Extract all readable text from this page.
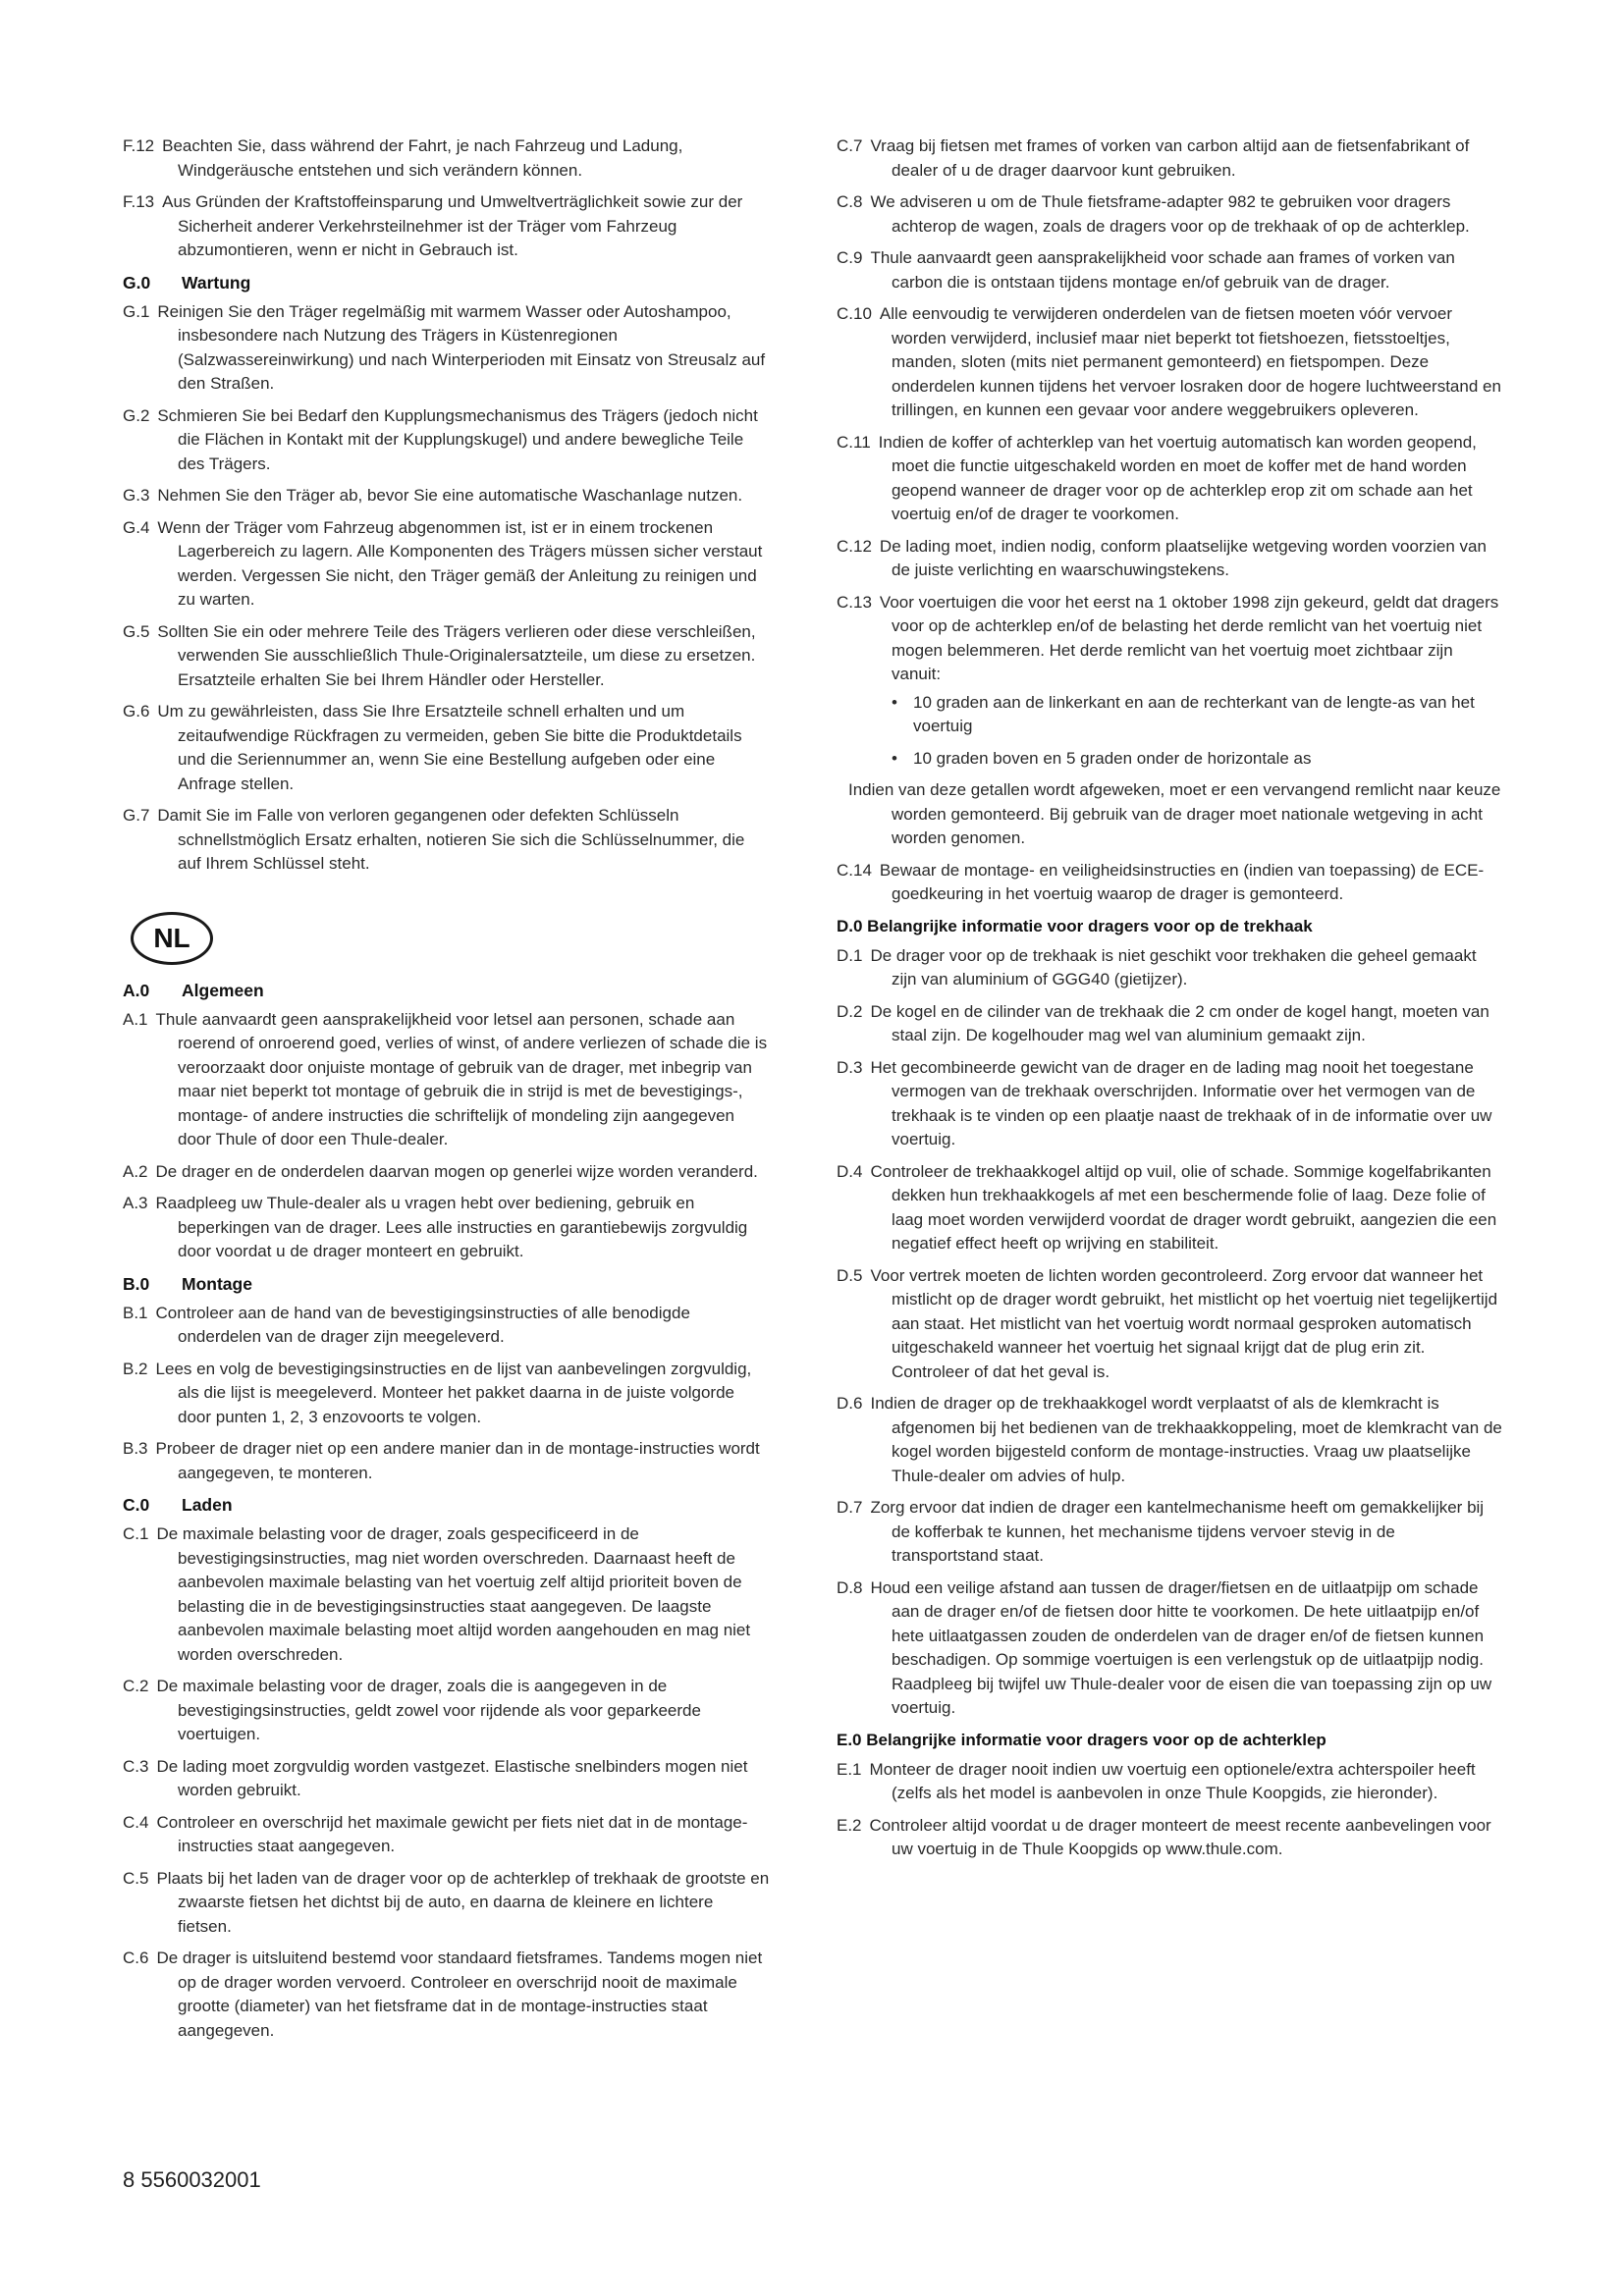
F.12 Beachten Sie, dass während der Fahrt, je nach Fahrzeug und Ladung, Windgeräusche entstehen und sich verändern können.
F.13 Aus Gründen der Kraftstoffeinsparung und Umweltverträglichkeit sowie zur der Sicherheit anderer Verkehrsteilnehmer ist der Träger vom Fahrzeug abzumontieren, wenn er nicht in Gebrauch ist.
G.0 Wartung
G.1 Reinigen Sie den Träger regelmäßig mit warmem Wasser oder Autoshampoo, insbesondere nach Nutzung des Trägers in Küstenregionen (Salzwassereinwirkung) und nach Winterperioden mit Einsatz von Streusalz auf den Straßen.
G.2 Schmieren Sie bei Bedarf den Kupplungsmechanismus des Trägers (jedoch nicht die Flächen in Kontakt mit der Kupplungskugel) und andere bewegliche Teile des Trägers.
G.3 Nehmen Sie den Träger ab, bevor Sie eine automatische Waschanlage nutzen.
G.4 Wenn der Träger vom Fahrzeug abgenommen ist, ist er in einem trockenen Lagerbereich zu lagern. Alle Komponenten des Trägers müssen sicher verstaut werden. Vergessen Sie nicht, den Träger gemäß der Anleitung zu reinigen und zu warten.
G.5 Sollten Sie ein oder mehrere Teile des Trägers verlieren oder diese verschleißen, verwenden Sie ausschließlich Thule-Originalersatzteile, um diese zu ersetzen. Ersatzteile erhalten Sie bei Ihrem Händler oder Hersteller.
G.6 Um zu gewährleisten, dass Sie Ihre Ersatzteile schnell erhalten und um zeitaufwendige Rückfragen zu vermeiden, geben Sie bitte die Produktdetails und die Seriennummer an, wenn Sie eine Bestellung aufgeben oder eine Anfrage stellen.
G.7 Damit Sie im Falle von verloren gegangenen oder defekten Schlüsseln schnellstmöglich Ersatz erhalten, notieren Sie sich die Schlüsselnummer, die auf Ihrem Schlüssel steht.
NL
A.0 Algemeen
A.1 Thule aanvaardt geen aansprakelijkheid voor letsel aan personen, schade aan roerend of onroerend goed, verlies of winst, of andere verliezen of schade die is veroorzaakt door onjuiste montage of gebruik van de drager, met inbegrip van maar niet beperkt tot montage of gebruik die in strijd is met de bevestigings-, montage- of andere instructies die schriftelijk of mondeling zijn aangegeven door Thule of door een Thule-dealer.
A.2 De drager en de onderdelen daarvan mogen op generlei wijze worden veranderd.
A.3 Raadpleeg uw Thule-dealer als u vragen hebt over bediening, gebruik en beperkingen van de drager. Lees alle instructies en garantiebewijs zorgvuldig door voordat u de drager monteert en gebruikt.
B.0 Montage
B.1 Controleer aan de hand van de bevestigingsinstructies of alle benodigde onderdelen van de drager zijn meegeleverd.
B.2 Lees en volg de bevestigingsinstructies en de lijst van aanbevelingen zorgvuldig, als die lijst is meegeleverd. Monteer het pakket daarna in de juiste volgorde door punten 1, 2, 3 enzovoorts te volgen.
B.3 Probeer de drager niet op een andere manier dan in de montage-instructies wordt aangegeven, te monteren.
C.0 Laden
C.1 De maximale belasting voor de drager, zoals gespecificeerd in de bevestigingsinstructies, mag niet worden overschreden. Daarnaast heeft de aanbevolen maximale belasting van het voertuig zelf altijd prioriteit boven de belasting die in de bevestigingsinstructies staat aangegeven. De laagste aanbevolen maximale belasting moet altijd worden aangehouden en mag niet worden overschreden.
C.2 De maximale belasting voor de drager, zoals die is aangegeven in de bevestigingsinstructies, geldt zowel voor rijdende als voor geparkeerde voertuigen.
C.3 De lading moet zorgvuldig worden vastgezet. Elastische snelbinders mogen niet worden gebruikt.
C.4 Controleer en overschrijd het maximale gewicht per fiets niet dat in de montage-instructies staat aangegeven.
C.5 Plaats bij het laden van de drager voor op de achterklep of trekhaak de grootste en zwaarste fietsen het dichtst bij de auto, en daarna de kleinere en lichtere fietsen.
C.6 De drager is uitsluitend bestemd voor standaard fietsframes. Tandems mogen niet op de drager worden vervoerd. Controleer en overschrijd nooit de maximale grootte (diameter) van het fietsframe dat in de montage-instructies staat aangegeven.
C.7 Vraag bij fietsen met frames of vorken van carbon altijd aan de fietsenfabrikant of dealer of u de drager daarvoor kunt gebruiken.
C.8 We adviseren u om de Thule fietsframe-adapter 982 te gebruiken voor dragers achterop de wagen, zoals de dragers voor op de trekhaak of op de achterklep.
C.9 Thule aanvaardt geen aansprakelijkheid voor schade aan frames of vorken van carbon die is ontstaan tijdens montage en/of gebruik van de drager.
C.10 Alle eenvoudig te verwijderen onderdelen van de fietsen moeten vóór vervoer worden verwijderd, inclusief maar niet beperkt tot fietshoezen, fietsstoeltjes, manden, sloten (mits niet permanent gemonteerd) en fietspompen. Deze onderdelen kunnen tijdens het vervoer losraken door de hogere luchtweerstand en trillingen, en kunnen een gevaar voor andere weggebruikers opleveren.
C.11 Indien de koffer of achterklep van het voertuig automatisch kan worden geopend, moet die functie uitgeschakeld worden en moet de koffer met de hand worden geopend wanneer de drager voor op de achterklep erop zit om schade aan het voertuig en/of de drager te voorkomen.
C.12 De lading moet, indien nodig, conform plaatselijke wetgeving worden voorzien van de juiste verlichting en waarschuwingstekens.
C.13 Voor voertuigen die voor het eerst na 1 oktober 1998 zijn gekeurd, geldt dat dragers voor op de achterklep en/of de belasting het derde remlicht van het voertuig niet mogen belemmeren. Het derde remlicht van het voertuig moet zichtbaar zijn vanuit:
• 10 graden aan de linkerkant en aan de rechterkant van de lengte-as van het voertuig
• 10 graden boven en 5 graden onder de horizontale as
Indien van deze getallen wordt afgeweken, moet er een vervangend remlicht naar keuze worden gemonteerd. Bij gebruik van de drager moet nationale wetgeving in acht worden genomen.
C.14 Bewaar de montage- en veiligheidsinstructies en (indien van toepassing) de ECE-goedkeuring in het voertuig waarop de drager is gemonteerd.
D.0 Belangrijke informatie voor dragers voor op de trekhaak
D.1 De drager voor op de trekhaak is niet geschikt voor trekhaken die geheel gemaakt zijn van aluminium of GGG40 (gietijzer).
D.2 De kogel en de cilinder van de trekhaak die 2 cm onder de kogel hangt, moeten van staal zijn. De kogelhouder mag wel van aluminium gemaakt zijn.
D.3 Het gecombineerde gewicht van de drager en de lading mag nooit het toegestane vermogen van de trekhaak overschrijden. Informatie over het vermogen van de trekhaak is te vinden op een plaatje naast de trekhaak of in de informatie over uw voertuig.
D.4 Controleer de trekhaakkogel altijd op vuil, olie of schade. Sommige kogelfabrikanten dekken hun trekhaakkogels af met een beschermende folie of laag. Deze folie of laag moet worden verwijderd voordat de drager wordt gebruikt, aangezien die een negatief effect heeft op wrijving en stabiliteit.
D.5 Voor vertrek moeten de lichten worden gecontroleerd. Zorg ervoor dat wanneer het mistlicht op de drager wordt gebruikt, het mistlicht op het voertuig niet tegelijkertijd aan staat. Het mistlicht van het voertuig wordt normaal gesproken automatisch uitgeschakeld wanneer het voertuig het signaal krijgt dat de plug erin zit. Controleer of dat het geval is.
D.6 Indien de drager op de trekhaakkogel wordt verplaatst of als de klemkracht is afgenomen bij het bedienen van de trekhaakkoppeling, moet de klemkracht van de kogel worden bijgesteld conform de montage-instructies. Vraag uw plaatselijke Thule-dealer om advies of hulp.
D.7 Zorg ervoor dat indien de drager een kantelmechanisme heeft om gemakkelijker bij de kofferbak te kunnen, het mechanisme tijdens vervoer stevig in de transportstand staat.
D.8 Houd een veilige afstand aan tussen de drager/fietsen en de uitlaatpijp om schade aan de drager en/of de fietsen door hitte te voorkomen. De hete uitlaatpijp en/of hete uitlaatgassen zouden de onderdelen van de drager en/of de fietsen kunnen beschadigen. Op sommige voertuigen is een verlengstuk op de uitlaatpijp nodig. Raadpleeg bij twijfel uw Thule-dealer voor de eisen die van toepassing zijn op uw voertuig.
E.0 Belangrijke informatie voor dragers voor op de achterklep
E.1 Monteer de drager nooit indien uw voertuig een optionele/extra achterspoiler heeft (zelfs als het model is aanbevolen in onze Thule Koopgids, zie hieronder).
E.2 Controleer altijd voordat u de drager monteert de meest recente aanbevelingen voor uw voertuig in de Thule Koopgids op www.thule.com.
8 5560032001
